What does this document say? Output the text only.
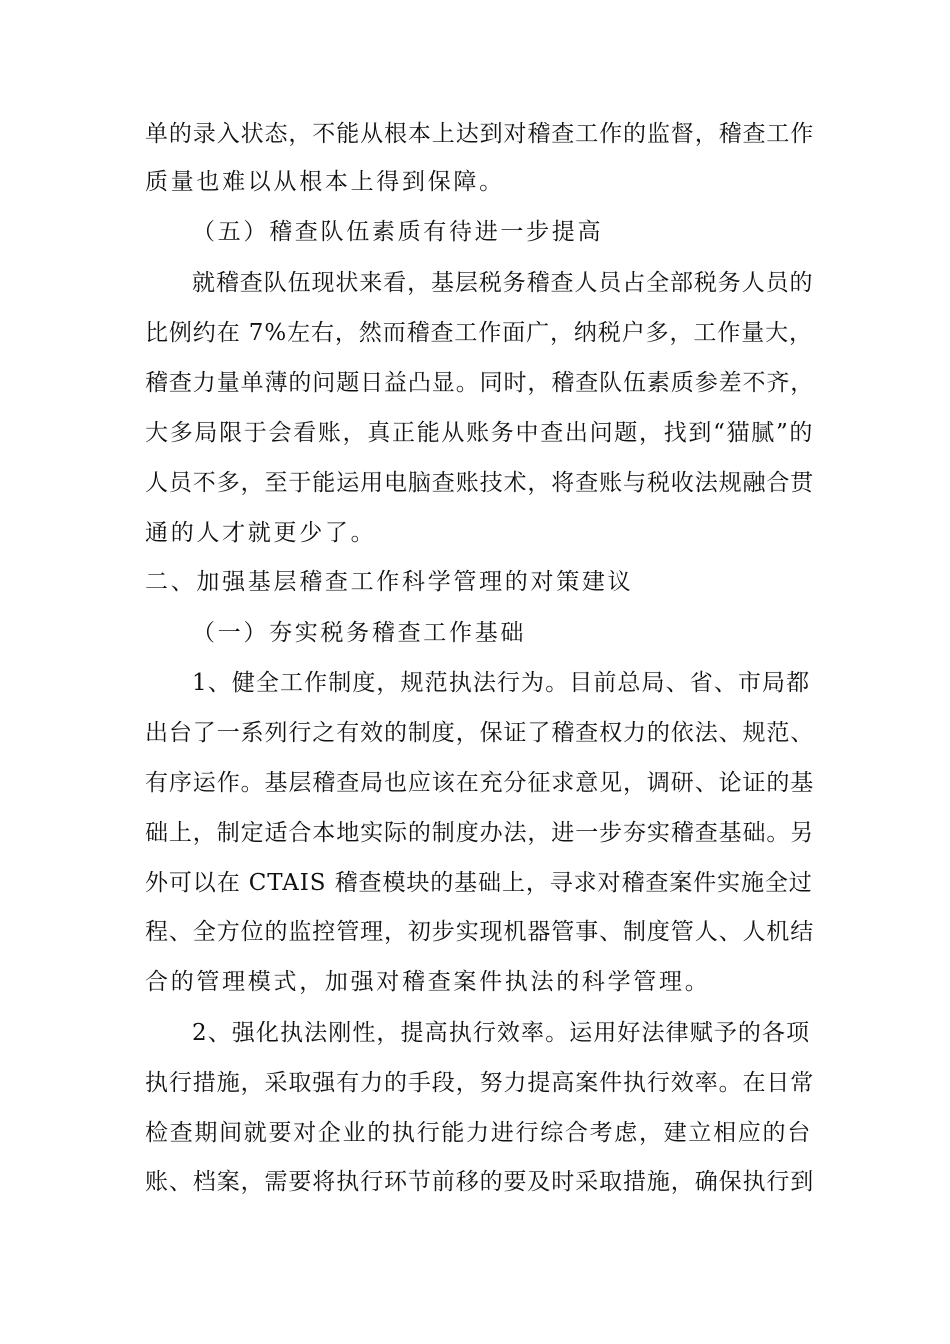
单的录入状态，不能从根本上达到对稽查工作的监督，稽查工作
质量也难以从根本上得到保障。
（五）稽查队伍素质有待进一步提高
就稽查队伍现状来看，基层税务稽查人员占全部税务人员的
比例约在 7%左右，然而稽查工作面广，纳税户多，工作量大，
稽查力量单薄的问题日益凸显。同时，稽查队伍素质参差不齐，
大多局限于会看账，真正能从账务中查出问题，找到“猫腻”的
人员不多，至于能运用电脑查账技术，将查账与税收法规融合贯
通的人才就更少了。
二、加强基层稽查工作科学管理的对策建议
（一）夯实税务稽查工作基础
1、健全工作制度，规范执法行为。目前总局、省、市局都
出台了一系列行之有效的制度，保证了稽查权力的依法、规范、
有序运作。基层稽查局也应该在充分征求意见，调研、论证的基
础上，制定适合本地实际的制度办法，进一步夯实稽查基础。另
外可以在 CTAIS 稽查模块的基础上，寻求对稽查案件实施全过
程、全方位的监控管理，初步实现机器管事、制度管人、人机结
合的管理模式，加强对稽查案件执法的科学管理。
2、强化执法刚性，提高执行效率。运用好法律赋予的各项
执行措施，采取强有力的手段，努力提高案件执行效率。在日常
检查期间就要对企业的执行能力进行综合考虑，建立相应的台
账、档案，需要将执行环节前移的要及时采取措施，确保执行到
